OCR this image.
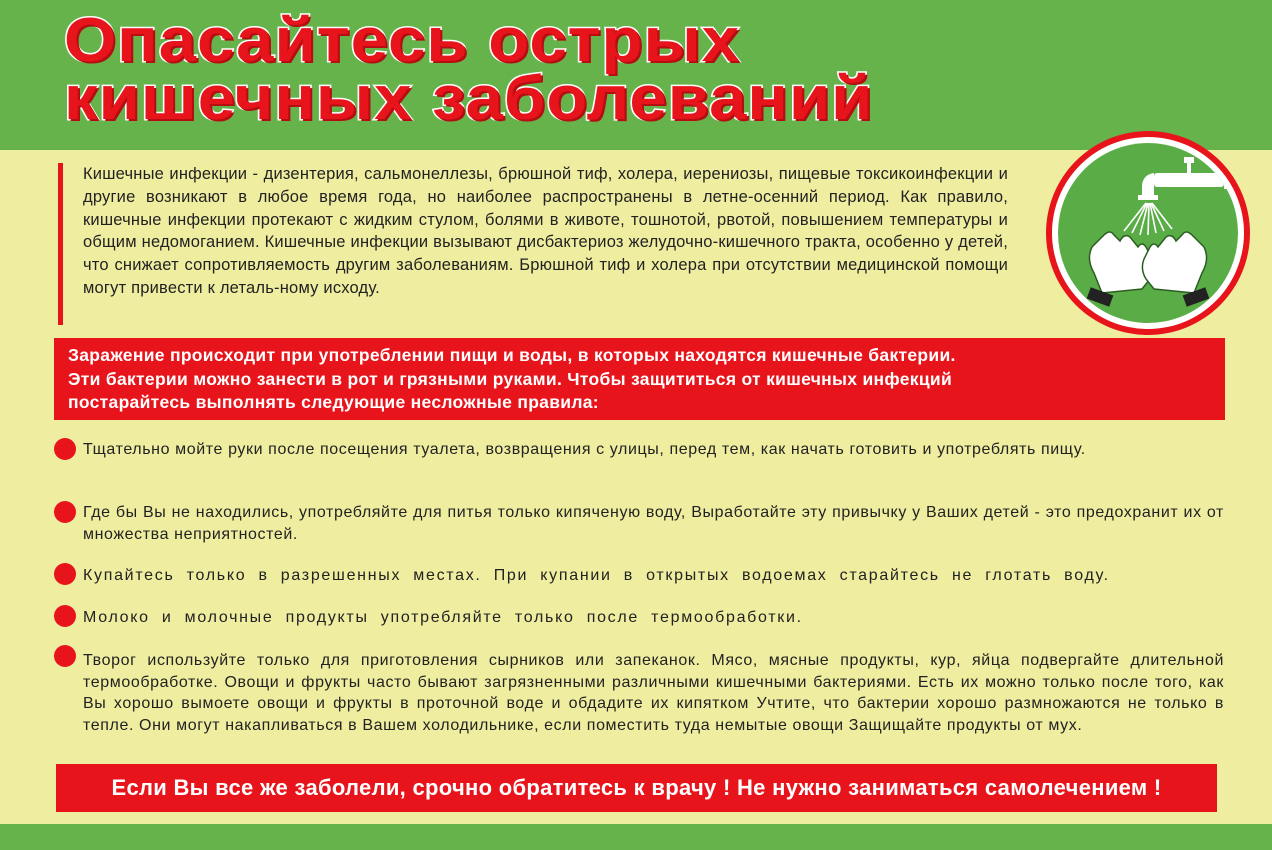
Опасайтесь острых
кишечных заболеваний

Кишечные инфекции - дизентерия, сальмонеллезы, брюшной тиф, холера, иерениозы, пищевые токсикоинфекции и другие возникают в любое время года, но наиболее распространены в летне-осенний период. Как правило, кишечные инфекции протекают с жидким стулом, болями в животе, тошнотой, рвотой, повышением температуры и общим недомоганием. Кишечные инфекции вызывают дисбактериоз желудочно-кишечного тракта, особенно у детей, что снижает сопротивляемость другим заболеваниям. Брюшной тиф и холера при отсутствии медицинской помощи могут привести к леталь-ному исходу.

Заражение происходит при употреблении пищи и воды, в которых находятся кишечные бактерии.

Эти бактерии можно занести в рот и грязными руками. Чтобы защититься от кишечных инфекций

постарайтесь выполнять следующие несложные правила:

Тщательно мойте руки после посещения туалета, возвращения с улицы, перед тем, как начать готовить и употреблять пищу.
Где бы Вы не находились, употребляйте для питья только кипяченую воду, Выработайте эту привычку у Ваших детей - это предохранит их от множества неприятностей.
Купайтесь только в разрешенных местах. При купании в открытых водоемах старайтесь не глотать воду.
Молоко и молочные продукты употребляйте только после термообработки.
Творог используйте только для приготовления сырников или запеканок. Мясо, мясные продукты, кур, яйца подвергайте длительной термообработке. Овощи и фрукты часто бывают загрязненными различными кишечными бактериями. Есть их можно только после того, как Вы хорошо вымоете овощи и фрукты в проточной воде и обдадите их кипятком Учтите, что бактерии хорошо размножаются не только в тепле. Они могут накапливаться в Вашем холодильнике, если поместить туда немытые овощи Защищайте продукты от мух.
Если Вы все же заболели, срочно обратитесь к врачу ! Не нужно заниматься самолечением !
